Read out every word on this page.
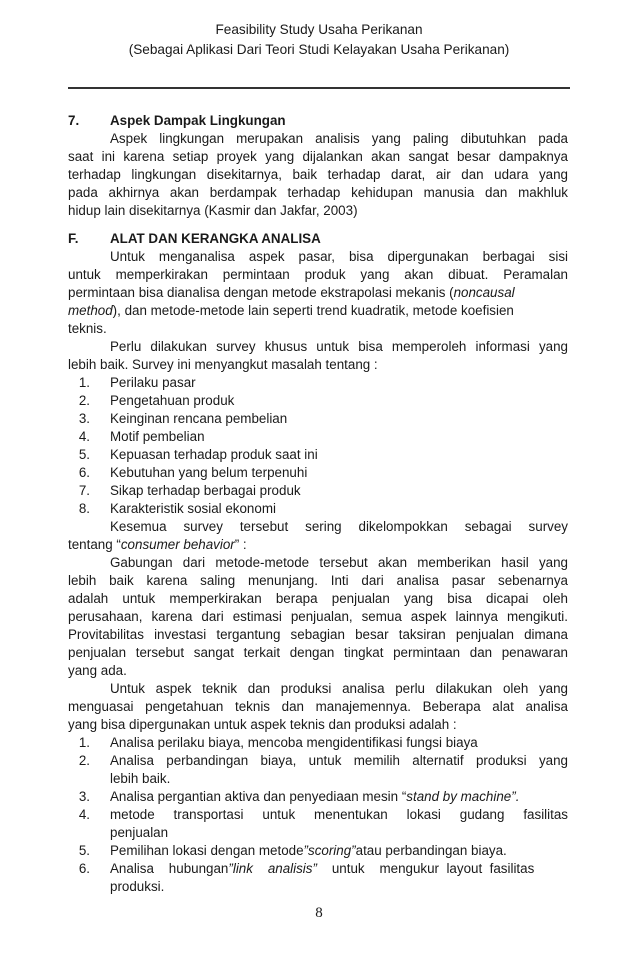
Feasibility Study Usaha Perikanan
(Sebagai Aplikasi Dari Teori Studi Kelayakan Usaha Perikanan)
7. Aspek Dampak Lingkungan
Aspek lingkungan merupakan analisis yang paling dibutuhkan pada
saat ini karena setiap proyek yang dijalankan akan sangat besar dampaknya
terhadap lingkungan disekitarnya, baik terhadap darat, air dan udara yang
pada akhirnya akan berdampak terhadap kehidupan manusia dan makhluk
hidup lain disekitarnya (Kasmir dan Jakfar, 2003)
F. ALAT DAN KERANGKA ANALISA
Untuk menganalisa aspek pasar, bisa dipergunakan berbagai sisi
untuk memperkirakan permintaan produk yang akan dibuat. Peramalan
permintaan bisa dianalisa dengan metode ekstrapolasi mekanis (noncausal
method), dan metode-metode lain seperti trend kuadratik, metode koefisien
teknis.
Perlu dilakukan survey khusus untuk bisa memperoleh informasi yang
lebih baik. Survey ini menyangkut masalah tentang :
1. Perilaku pasar
2. Pengetahuan produk
3. Keinginan rencana pembelian
4. Motif pembelian
5. Kepuasan terhadap produk saat ini
6. Kebutuhan yang belum terpenuhi
7. Sikap terhadap berbagai produk
8. Karakteristik sosial ekonomi
Kesemua survey tersebut sering dikelompokkan sebagai survey
tentang “consumer behavior” :
Gabungan dari metode-metode tersebut akan memberikan hasil yang
lebih baik karena saling menunjang. Inti dari analisa pasar sebenarnya
adalah untuk memperkirakan berapa penjualan yang bisa dicapai oleh
perusahaan, karena dari estimasi penjualan, semua aspek lainnya mengikuti.
Provitabilitas investasi tergantung sebagian besar taksiran penjualan dimana
penjualan tersebut sangat terkait dengan tingkat permintaan dan penawaran
yang ada.
Untuk aspek teknik dan produksi analisa perlu dilakukan oleh yang
menguasai pengetahuan teknis dan manajemennya. Beberapa alat analisa
yang bisa dipergunakan untuk aspek teknis dan produksi adalah :
1. Analisa perilaku biaya, mencoba mengidentifikasi fungsi biaya
2. Analisa perbandingan biaya, untuk memilih alternatif produksi yang
lebih baik.
3. Analisa pergantian aktiva dan penyediaan mesin “stand by machine”.
4. metode transportasi untuk menentukan lokasi gudang fasilitas
penjualan
5. Pemilihan lokasi dengan metode”scoring”atau perbandingan biaya.
6. Analisa    hubungan”link    analisis”    untuk    mengukur  layout  fasilitas
produksi.
8
